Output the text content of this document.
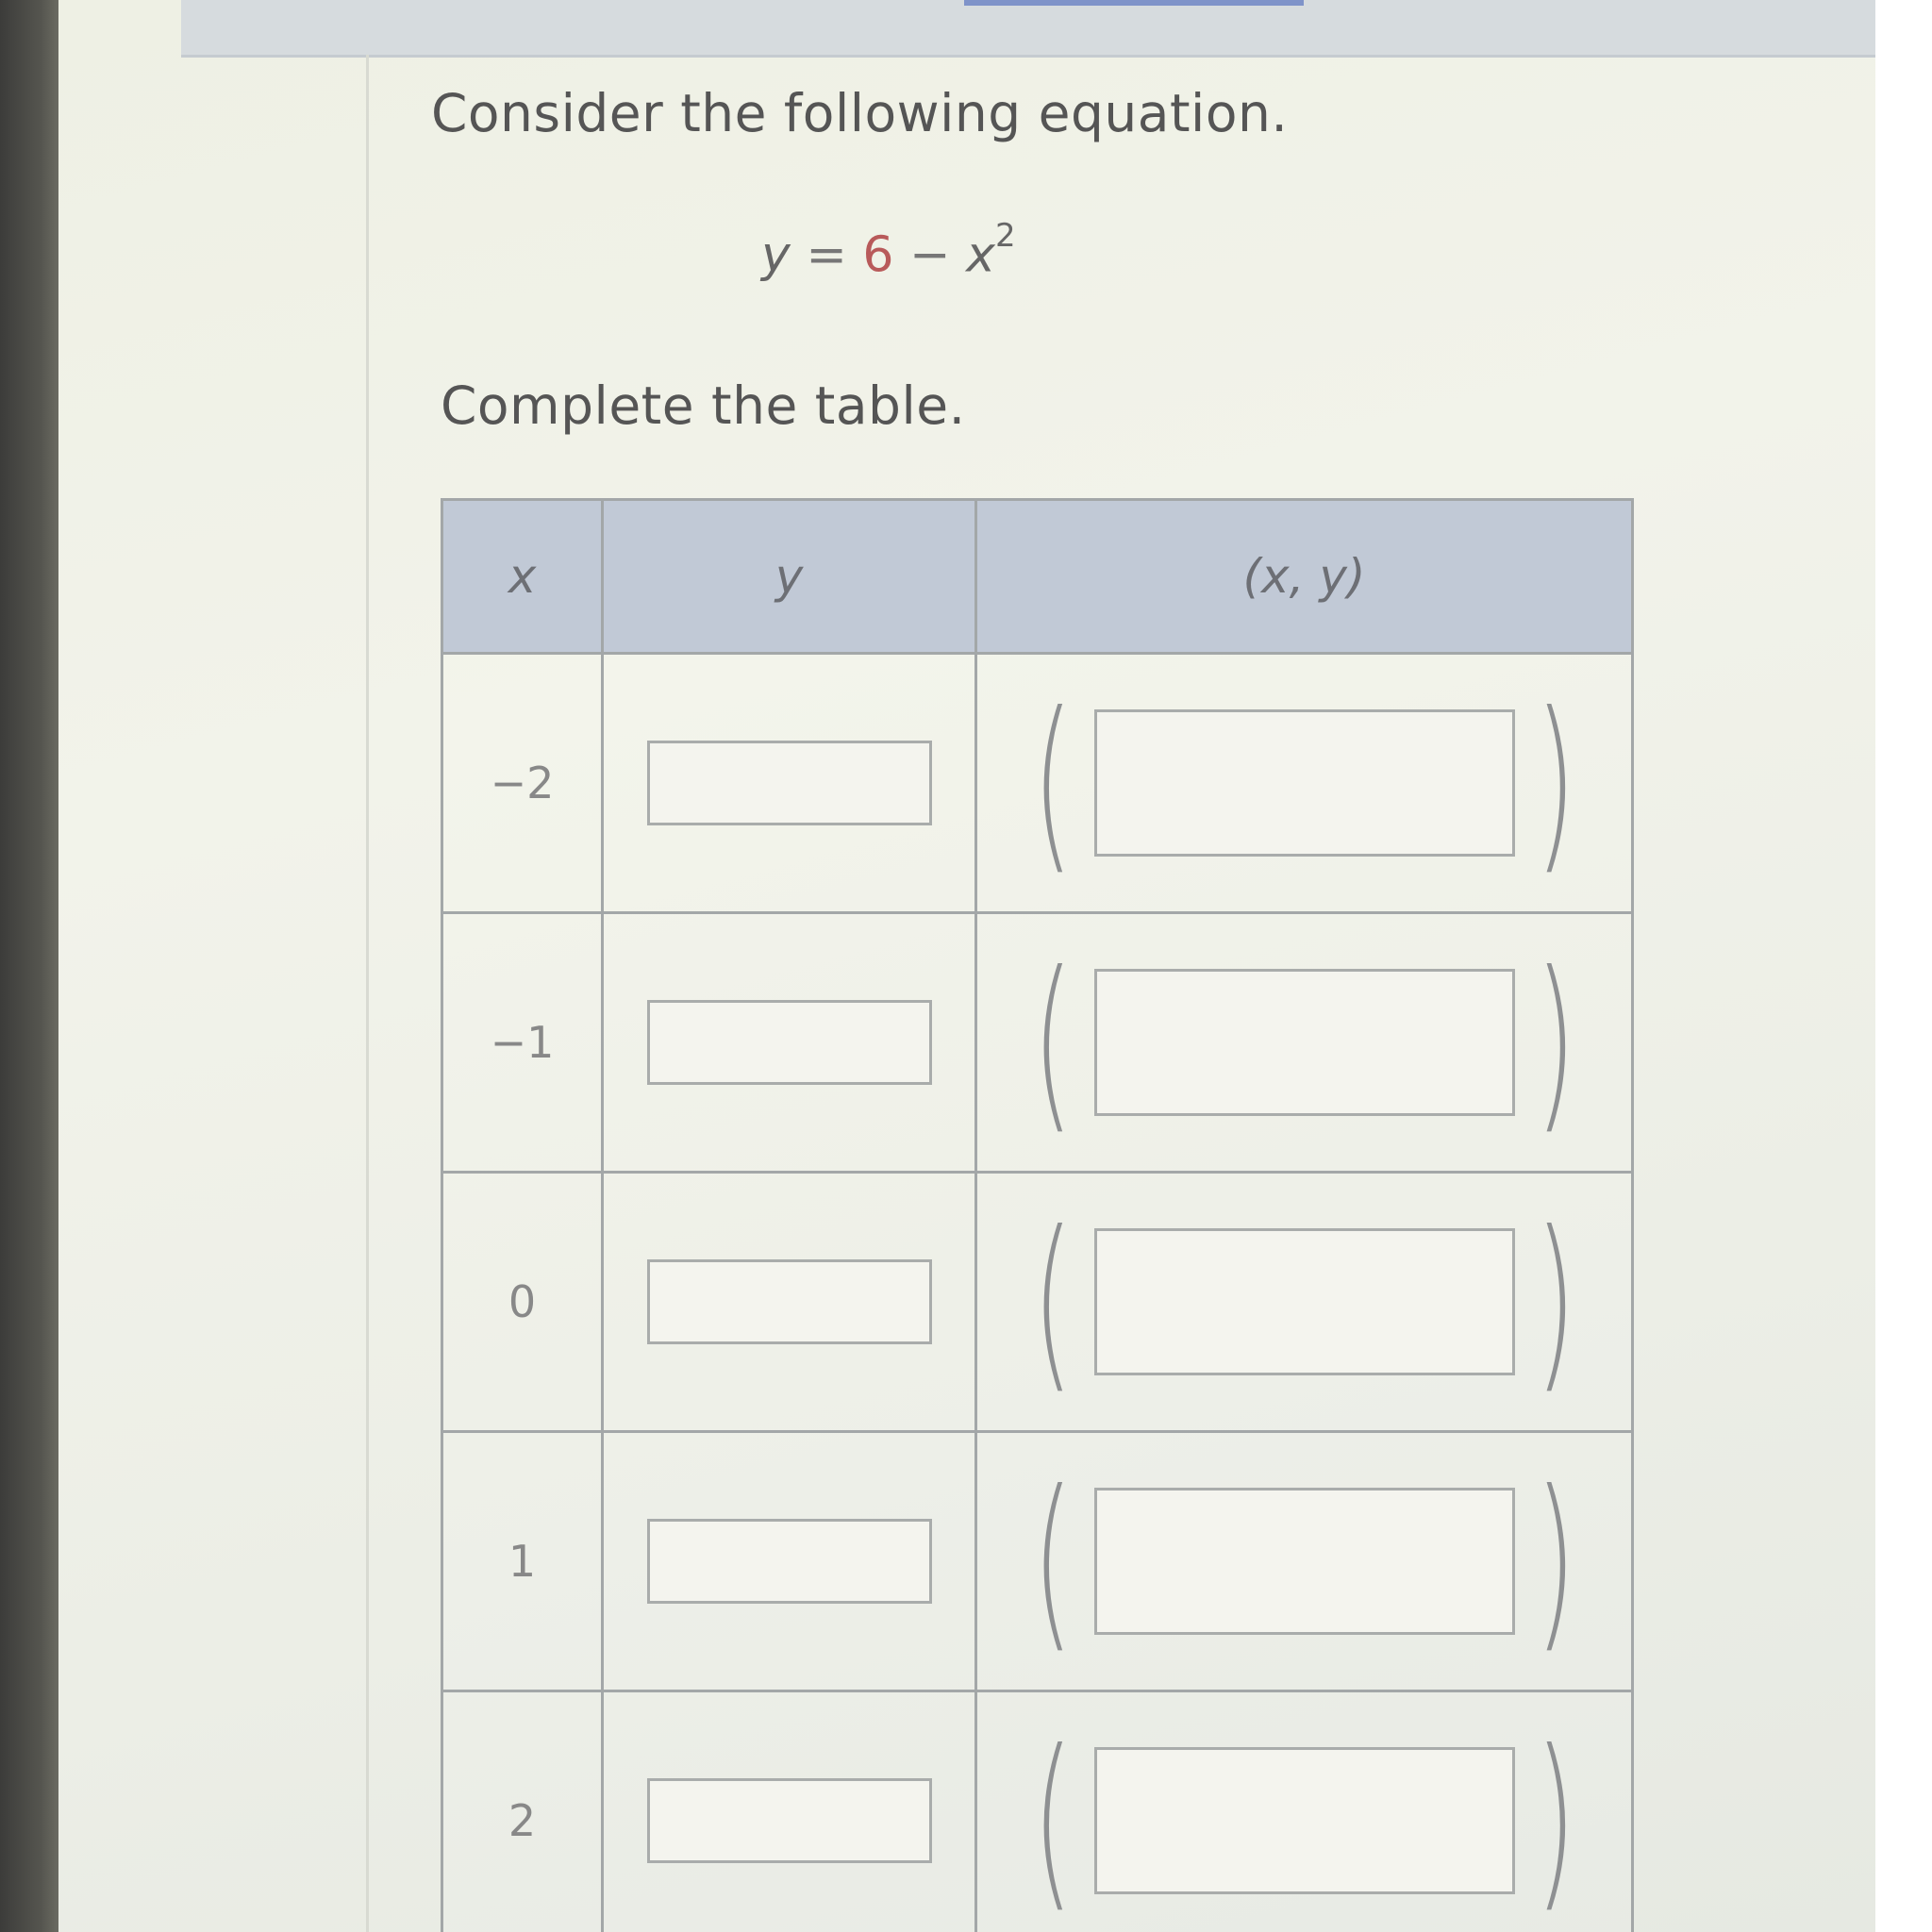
Consider the following equation.
$y = 6 - x^2$
Complete the table.
x	y	(x, y)
−2		( )

−1		( )

0		( )

1		( )

2		( )
